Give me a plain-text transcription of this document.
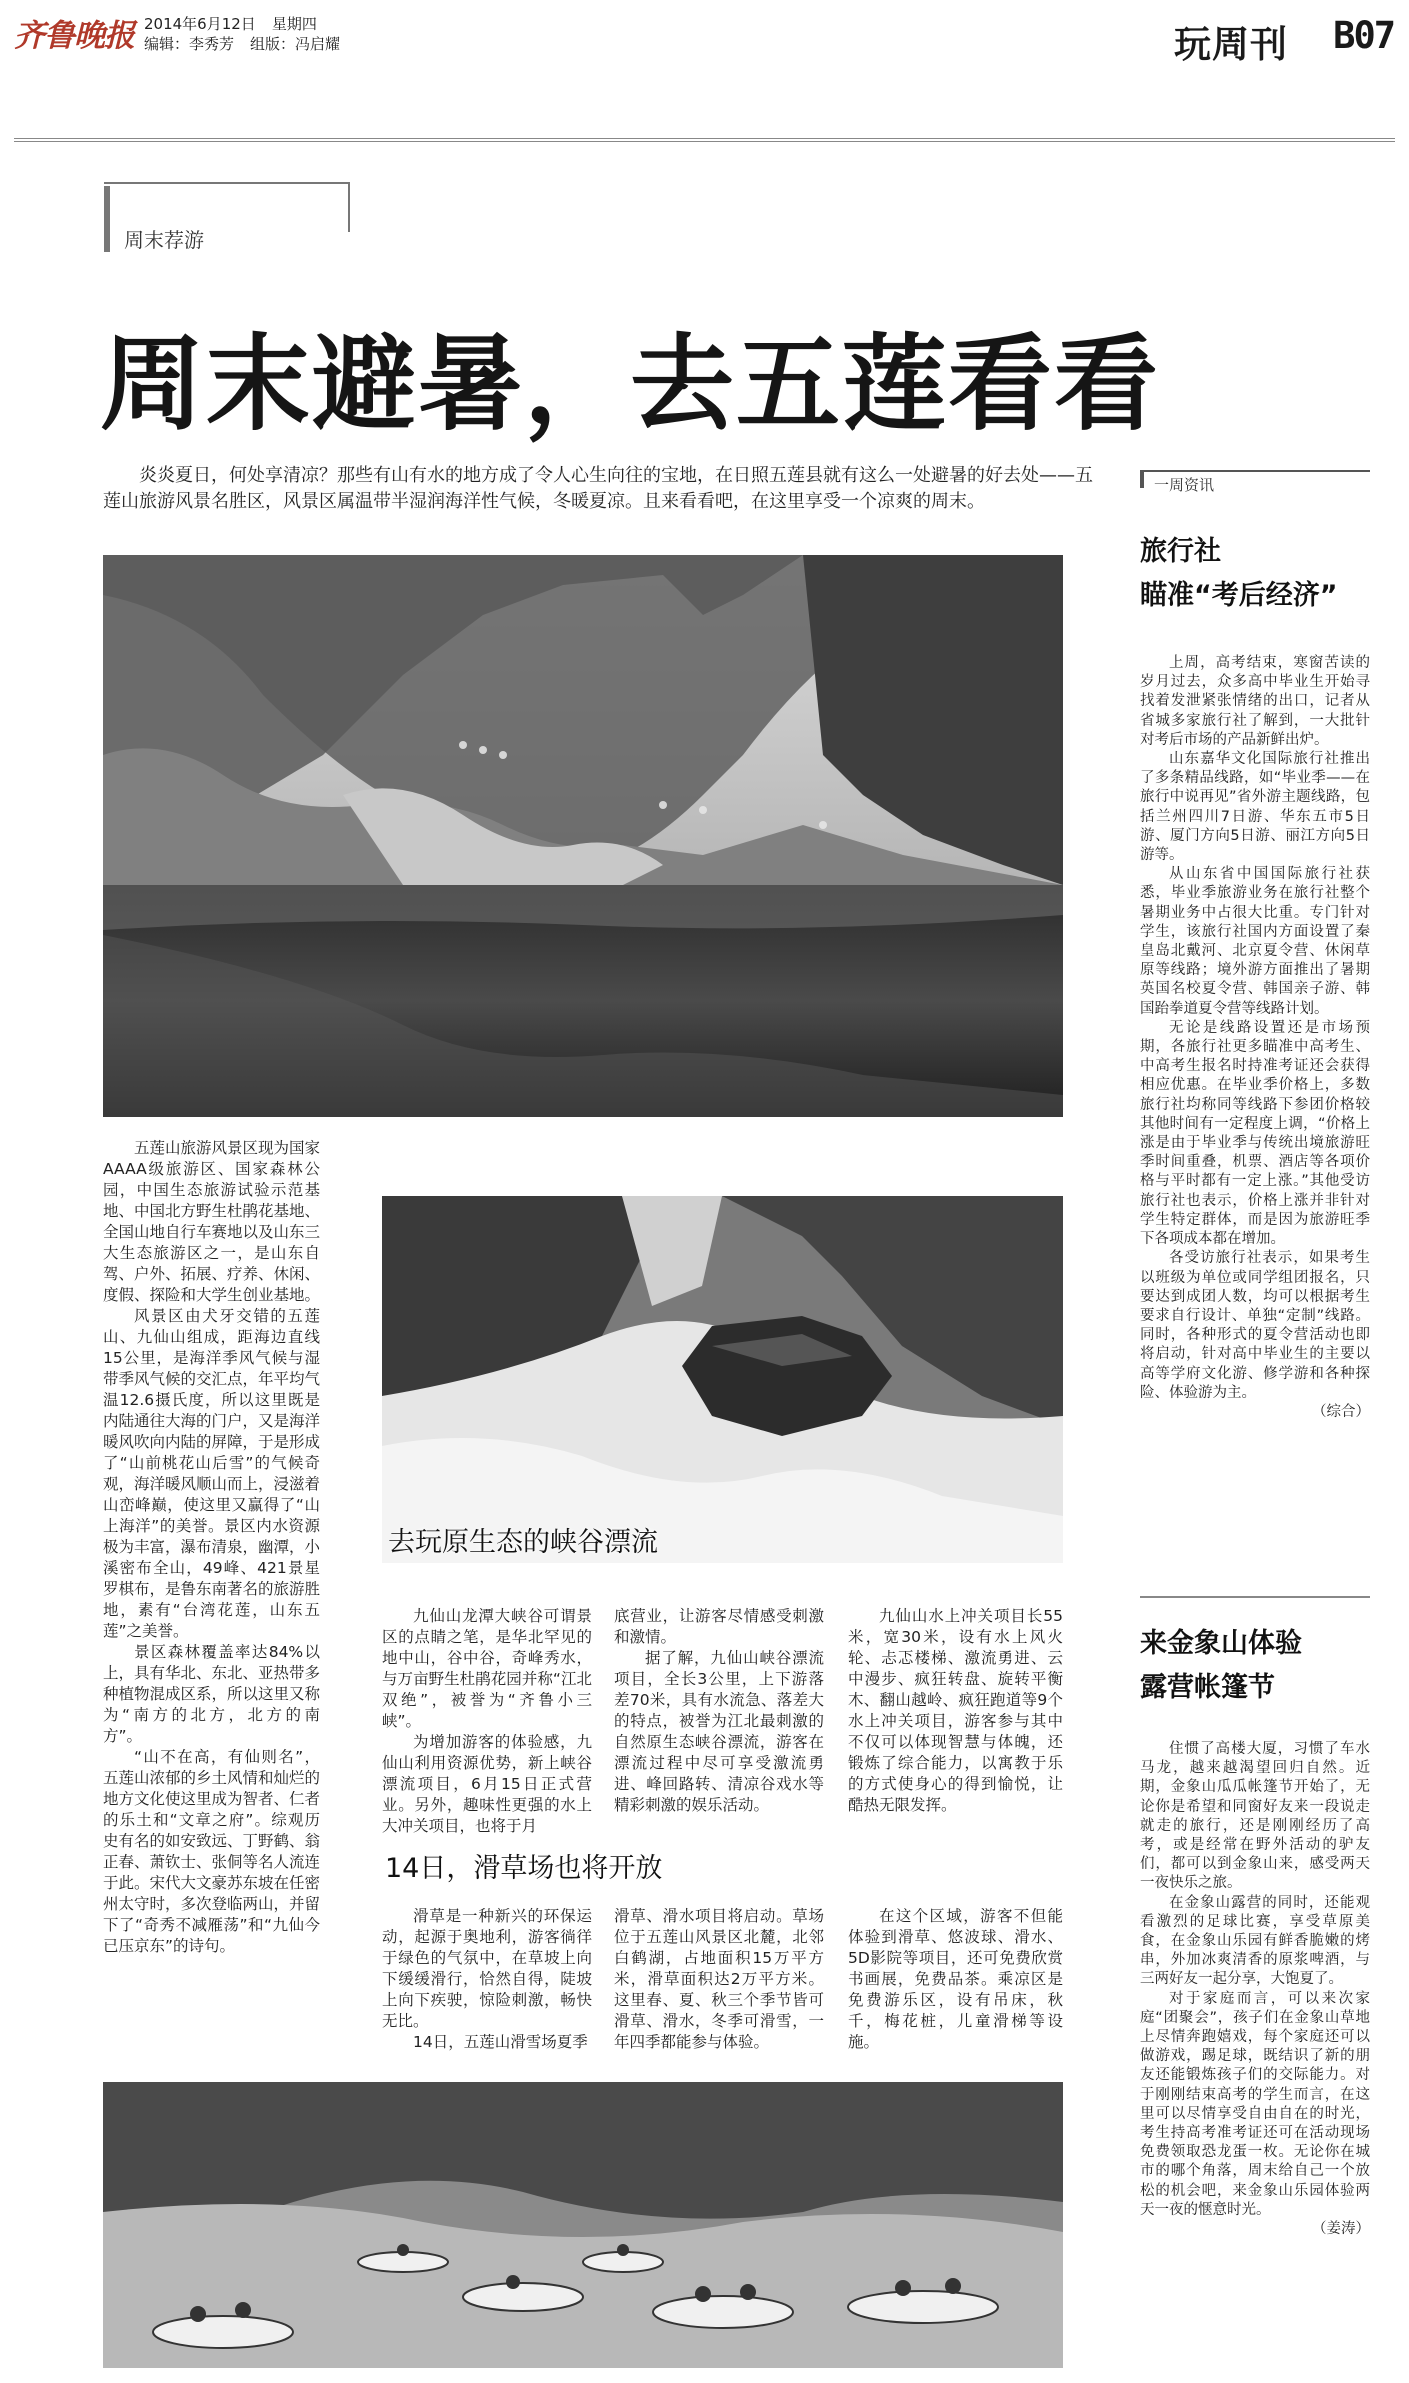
齐鲁晚报 2014年6月12日 星期四
编辑：李秀芳 组版：冯启耀	玩周刊 B07
周末荐游
周末避暑，去五莲看看
炎炎夏日，何处享清凉？那些有山有水的地方成了令人心生向往的宝地，在日照五莲县就有这么一处避暑的好去处——五莲山旅游风景名胜区，风景区属温带半湿润海洋性气候，冬暖夏凉。且来看看吧，在这里享受一个凉爽的周末。

五莲山旅游风景区现为国家AAAA级旅游区、国家森林公园，中国生态旅游试验示范基地、中国北方野生杜鹃花基地、全国山地自行车赛地以及山东三大生态旅游区之一，是山东自驾、户外、拓展、疗养、休闲、度假、探险和大学生创业基地。

风景区由犬牙交错的五莲山、九仙山组成，距海边直线15公里，是海洋季风气候与湿带季风气候的交汇点，年平均气温12.6摄氏度，所以这里既是内陆通往大海的门户，又是海洋暖风吹向内陆的屏障，于是形成了“山前桃花山后雪”的气候奇观，海洋暖风顺山而上，浸滋着山峦峰巅，使这里又赢得了“山上海洋”的美誉。景区内水资源极为丰富，瀑布清泉，幽潭，小溪密布全山，49峰、421景星罗棋布，是鲁东南著名的旅游胜地，素有“台湾花莲，山东五莲”之美誉。

景区森林覆盖率达84%以上，具有华北、东北、亚热带多种植物混成区系，所以这里又称为“南方的北方，北方的南方”。

“山不在高，有仙则名”，五莲山浓郁的乡土风情和灿烂的地方文化使这里成为智者、仁者的乐土和“文章之府”。综观历史有名的如安致远、丁野鹤、翁正春、萧钦士、张侗等名人流连于此。宋代大文豪苏东坡在任密州太守时，多次登临两山，并留下了“奇秀不减雁荡”和“九仙今已压京东”的诗句。

去玩原生态的峡谷漂流

九仙山龙潭大峡谷可谓景区的点睛之笔，是华北罕见的地中山，谷中谷，奇峰秀水，与万亩野生杜鹃花园并称“江北双绝”，被誉为“齐鲁小三峡”。

为增加游客的体验感，九仙山利用资源优势，新上峡谷漂流项目，6月15日正式营业。另外，趣味性更强的水上大冲关项目，也将于月

底营业，让游客尽情感受刺激和激情。

据了解，九仙山峡谷漂流项目，全长3公里，上下游落差70米，具有水流急、落差大的特点，被誉为江北最刺激的自然原生态峡谷漂流，游客在漂流过程中尽可享受激流勇进、峰回路转、清凉谷戏水等精彩刺激的娱乐活动。

九仙山水上冲关项目长55米，宽30米，设有水上风火轮、忐忑楼梯、激流勇进、云中漫步、疯狂转盘、旋转平衡木、翻山越岭、疯狂跑道等9个水上冲关项目，游客参与其中不仅可以体现智慧与体魄，还锻炼了综合能力，以寓教于乐的方式使身心的得到愉悦，让酷热无限发挥。

14日，滑草场也将开放

滑草是一种新兴的环保运动，起源于奥地利，游客徜徉于绿色的气氛中，在草坡上向下缓缓滑行，恰然自得，陡坡上向下疾驶，惊险刺激，畅快无比。

14日，五莲山滑雪场夏季

滑草、滑水项目将启动。草场位于五莲山风景区北麓，北邻白鹤湖，占地面积15万平方米，滑草面积达2万平方米。这里春、夏、秋三个季节皆可滑草、滑水，冬季可滑雪，一年四季都能参与体验。

在这个区域，游客不但能体验到滑草、悠波球、滑水、5D影院等项目，还可免费欣赏书画展，免费品茶。乘凉区是免费游乐区，设有吊床，秋千，梅花桩，儿童滑梯等设施。

一周资讯
旅行社
瞄准“考后经济”

上周，高考结束，寒窗苦读的岁月过去，众多高中毕业生开始寻找着发泄紧张情绪的出口，记者从省城多家旅行社了解到，一大批针对考后市场的产品新鲜出炉。

山东嘉华文化国际旅行社推出了多条精品线路，如“毕业季——在旅行中说再见”省外游主题线路，包括兰州四川7日游、华东五市5日游、厦门方向5日游、丽江方向5日游等。

从山东省中国国际旅行社获悉，毕业季旅游业务在旅行社整个暑期业务中占很大比重。专门针对学生，该旅行社国内方面设置了秦皇岛北戴河、北京夏令营、休闲草原等线路；境外游方面推出了暑期英国名校夏令营、韩国亲子游、韩国跆拳道夏令营等线路计划。

无论是线路设置还是市场预期，各旅行社更多瞄准中高考生、中高考生报名时持准考证还会获得相应优惠。在毕业季价格上，多数旅行社均称同等线路下参团价格较其他时间有一定程度上调，“价格上涨是由于毕业季与传统出境旅游旺季时间重叠，机票、酒店等各项价格与平时都有一定上涨。”其他受访旅行社也表示，价格上涨并非针对学生特定群体，而是因为旅游旺季下各项成本都在增加。

各受访旅行社表示，如果考生以班级为单位或同学组团报名，只要达到成团人数，均可以根据考生要求自行设计、单独“定制”线路。同时，各种形式的夏令营活动也即将启动，针对高中毕业生的主要以高等学府文化游、修学游和各种探险、体验游为主。

（综合）
来金象山体验
露营帐篷节

住惯了高楼大厦，习惯了车水马龙，越来越渴望回归自然。近期，金象山瓜瓜帐篷节开始了，无论你是希望和同窗好友来一段说走就走的旅行，还是刚刚经历了高考，或是经常在野外活动的驴友们，都可以到金象山来，感受两天一夜快乐之旅。

在金象山露营的同时，还能观看激烈的足球比赛，享受草原美食，在金象山乐园有鲜香脆嫩的烤串，外加冰爽清香的原浆啤酒，与三两好友一起分享，大饱夏了。

对于家庭而言，可以来次家庭“团聚会”，孩子们在金象山草地上尽情奔跑嬉戏，每个家庭还可以做游戏，踢足球，既结识了新的朋友还能锻炼孩子们的交际能力。对于刚刚结束高考的学生而言，在这里可以尽情享受自由自在的时光，考生持高考准考证还可在活动现场免费领取恐龙蛋一枚。无论你在城市的哪个角落，周末给自己一个放松的机会吧，来金象山乐园体验两天一夜的惬意时光。

（姜涛）
